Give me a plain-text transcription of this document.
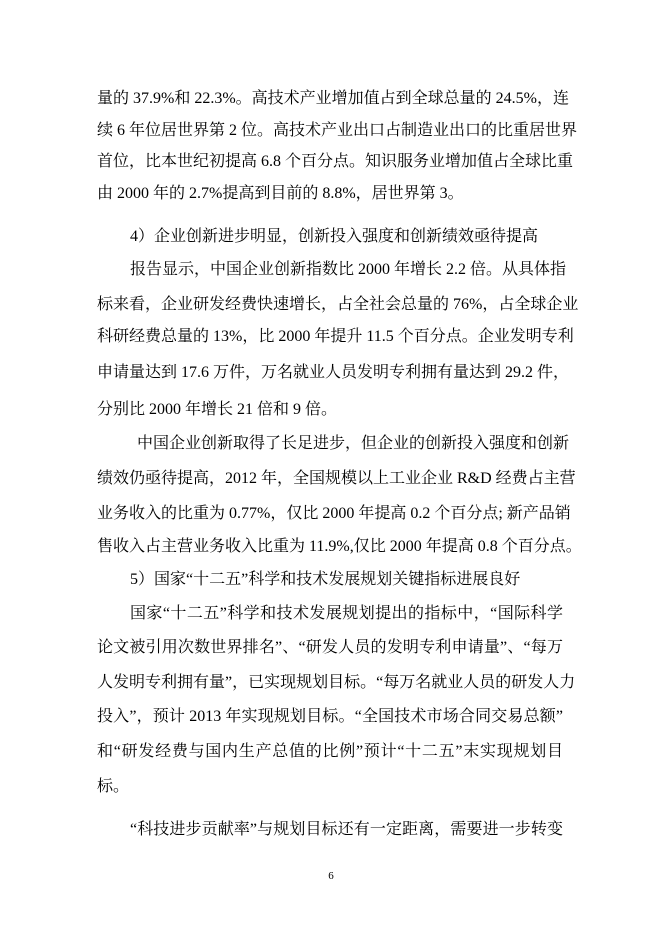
量的 37.9%和 22.3%。高技术产业增加值占到全球总量的 24.5%，连
续 6 年位居世界第 2 位。高技术产业出口占制造业出口的比重居世界
首位，比本世纪初提高 6.8 个百分点。知识服务业增加值占全球比重
由 2000 年的 2.7%提高到目前的 8.8%，居世界第 3。
4）企业创新进步明显，创新投入强度和创新绩效亟待提高
报告显示，中国企业创新指数比 2000 年增长 2.2 倍。从具体指
标来看，企业研发经费快速增长，占全社会总量的 76%，占全球企业
科研经费总量的 13%，比 2000 年提升 11.5 个百分点。企业发明专利
申请量达到 17.6 万件，万名就业人员发明专利拥有量达到 29.2 件，
分别比 2000 年增长 21 倍和 9 倍。
中国企业创新取得了长足进步，但企业的创新投入强度和创新
绩效仍亟待提高，2012 年，全国规模以上工业企业 R&D 经费占主营
业务收入的比重为 0.77%，仅比 2000 年提高 0.2 个百分点; 新产品销
售收入占主营业务收入比重为 11.9%,仅比 2000 年提高 0.8 个百分点。
5）国家“十二五”科学和技术发展规划关键指标进展良好
国家“十二五”科学和技术发展规划提出的指标中，“国际科学
论文被引用次数世界排名”、“研发人员的发明专利申请量”、“每万
人发明专利拥有量”，已实现规划目标。“每万名就业人员的研发人力
投入”，预计 2013 年实现规划目标。“全国技术市场合同交易总额”
和“研发经费与国内生产总值的比例”预计“十二五”末实现规划目
标。
“科技进步贡献率”与规划目标还有一定距离，需要进一步转变
6
